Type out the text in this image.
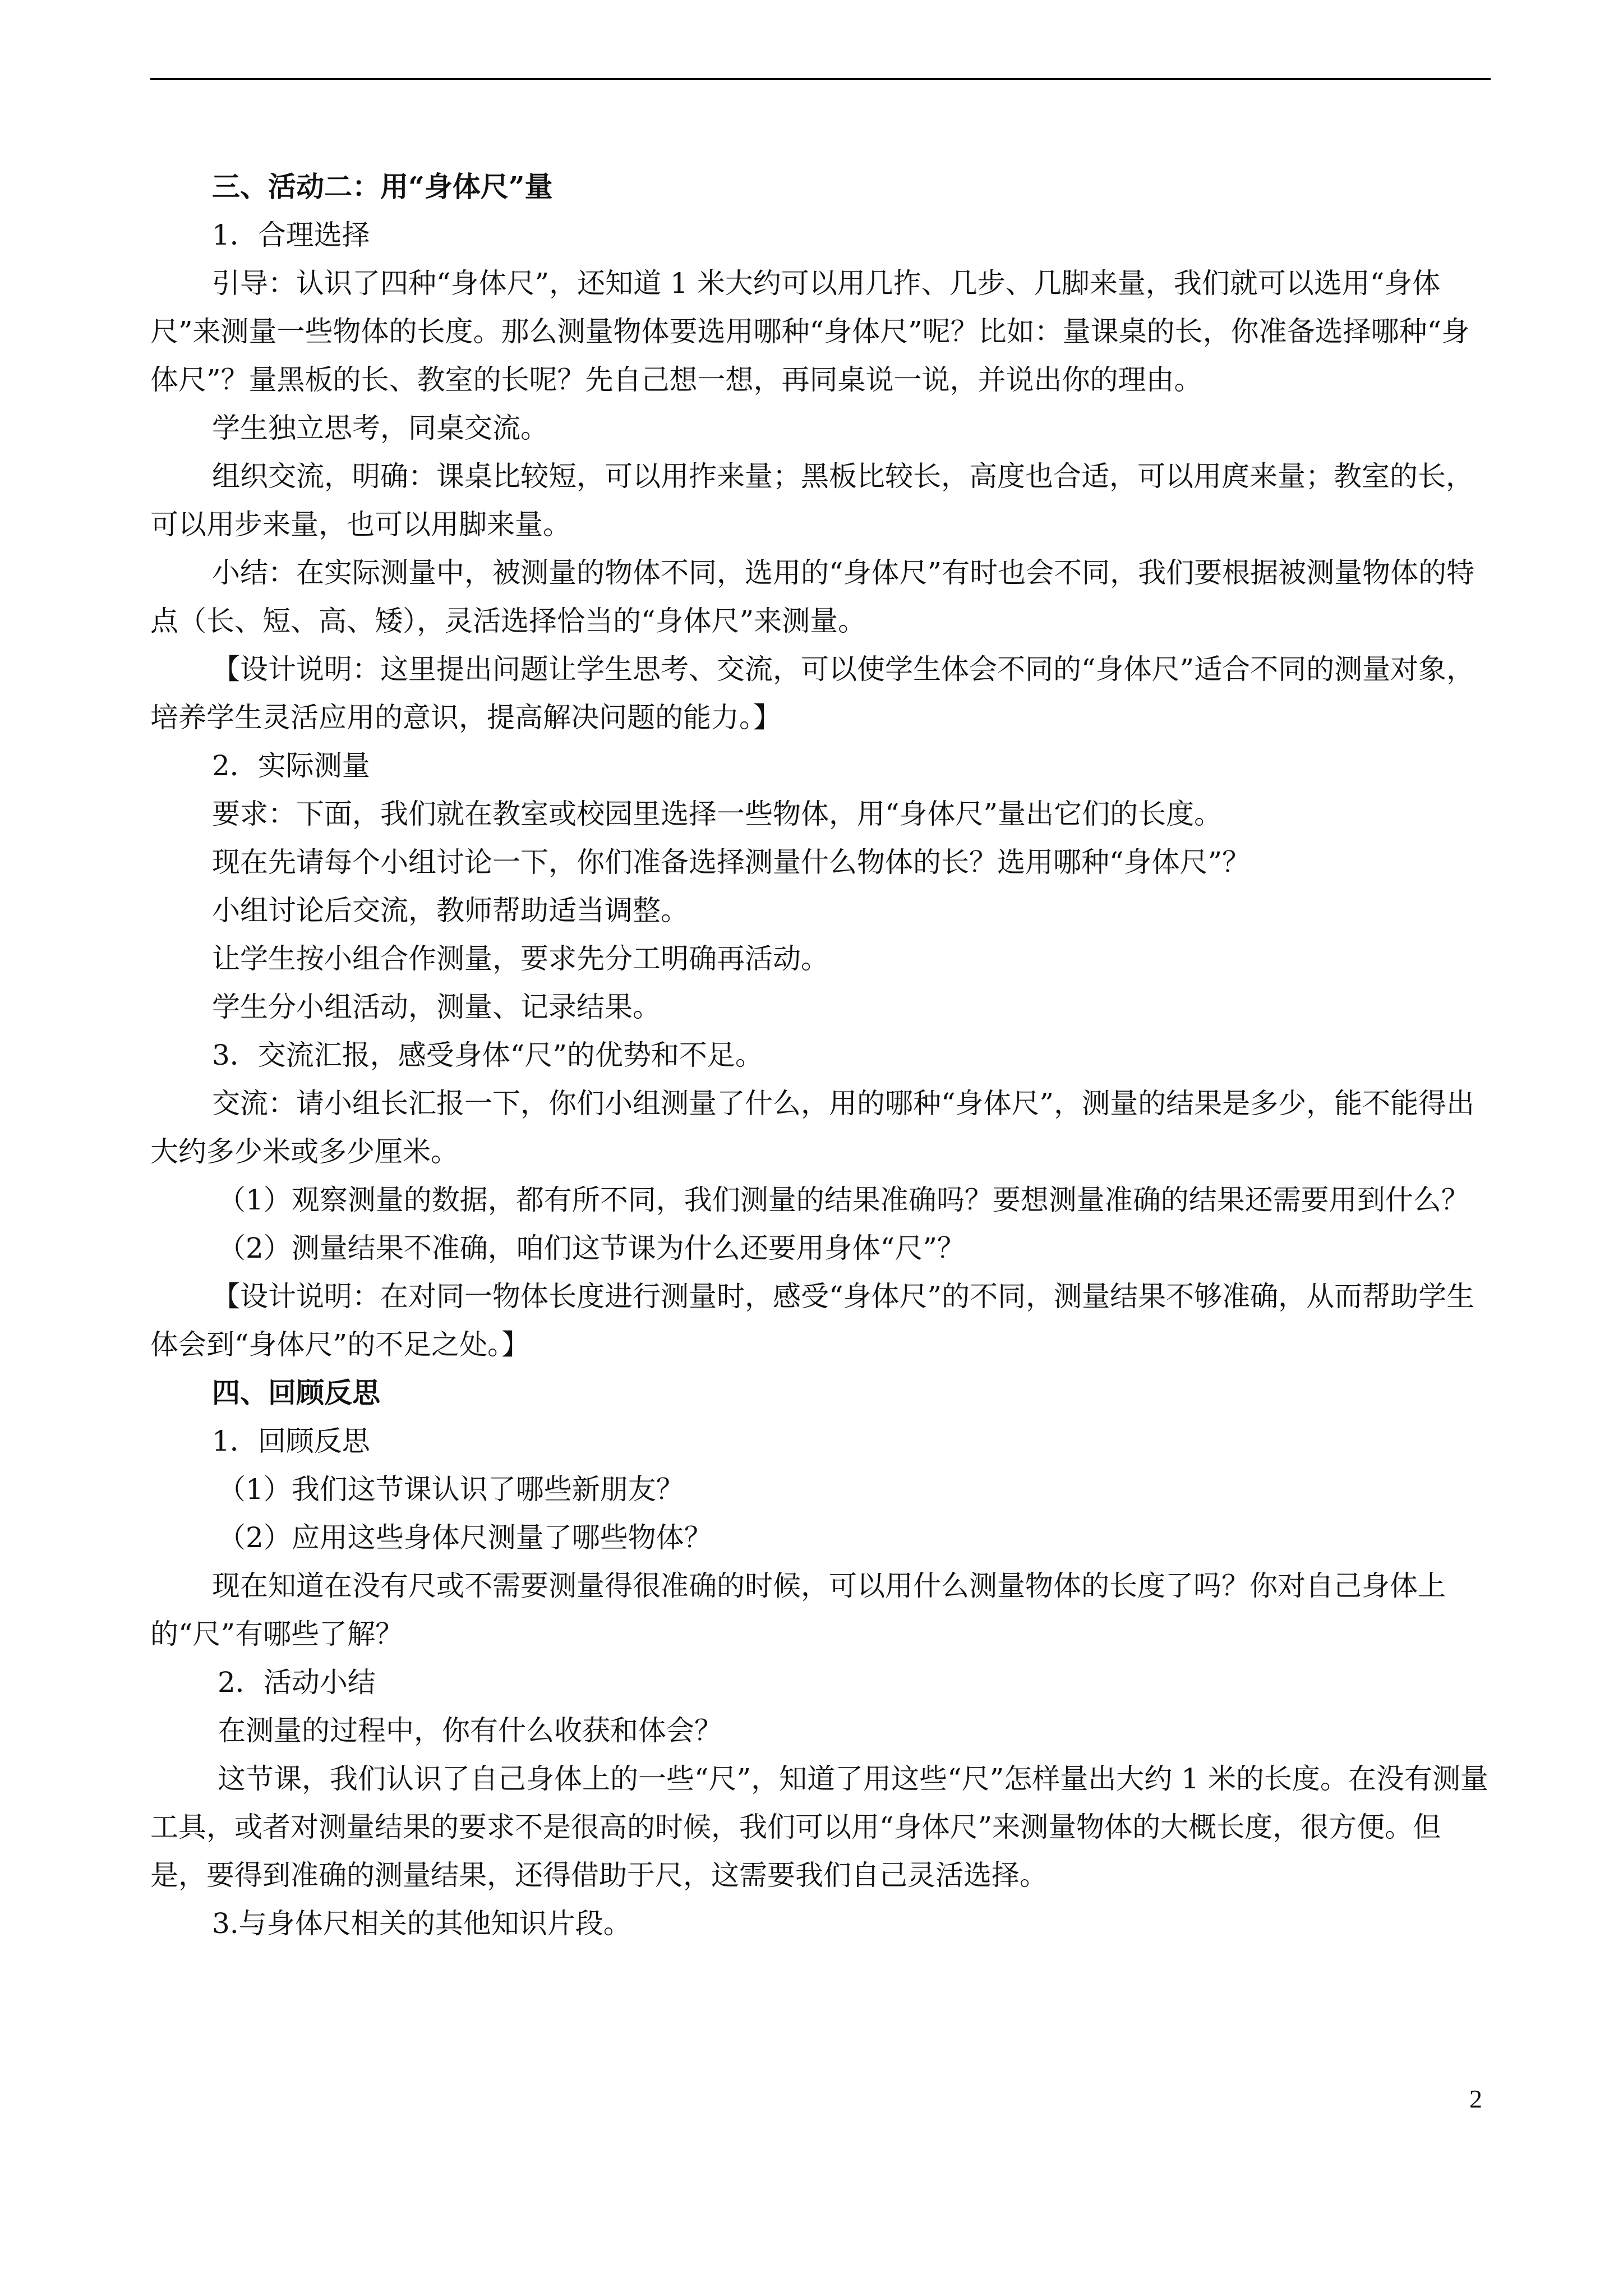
三、活动二：用“身体尺”量

1．合理选择

引导：认识了四种“身体尺”，还知道 1 米大约可以用几拃、几步、几脚来量，我们就可以选用“身体尺”来测量一些物体的长度。那么测量物体要选用哪种“身体尺”呢？比如：量课桌的长，你准备选择哪种“身体尺”？量黑板的长、教室的长呢？先自己想一想，再同桌说一说，并说出你的理由。

学生独立思考，同桌交流。

组织交流，明确：课桌比较短，可以用拃来量；黑板比较长，高度也合适，可以用庹来量；教室的长，可以用步来量，也可以用脚来量。

小结：在实际测量中，被测量的物体不同，选用的“身体尺”有时也会不同，我们要根据被测量物体的特点（长、短、高、矮），灵活选择恰当的“身体尺”来测量。

【设计说明：这里提出问题让学生思考、交流，可以使学生体会不同的“身体尺”适合不同的测量对象，培养学生灵活应用的意识，提高解决问题的能力。】

2．实际测量

要求：下面，我们就在教室或校园里选择一些物体，用“身体尺”量出它们的长度。

现在先请每个小组讨论一下，你们准备选择测量什么物体的长？选用哪种“身体尺”？

小组讨论后交流，教师帮助适当调整。

让学生按小组合作测量，要求先分工明确再活动。

学生分小组活动，测量、记录结果。

3．交流汇报，感受身体“尺”的优势和不足。

交流：请小组长汇报一下，你们小组测量了什么，用的哪种“身体尺”，测量的结果是多少，能不能得出大约多少米或多少厘米。

（1）观察测量的数据，都有所不同，我们测量的结果准确吗？要想测量准确的结果还需要用到什么？

（2）测量结果不准确，咱们这节课为什么还要用身体“尺”？

【设计说明：在对同一物体长度进行测量时，感受“身体尺”的不同，测量结果不够准确，从而帮助学生体会到“身体尺”的不足之处。】

四、回顾反思

1．回顾反思

（1）我们这节课认识了哪些新朋友？

（2）应用这些身体尺测量了哪些物体？

现在知道在没有尺或不需要测量得很准确的时候，可以用什么测量物体的长度了吗？你对自己身体上的“尺”有哪些了解？

2．活动小结

在测量的过程中，你有什么收获和体会？

这节课，我们认识了自己身体上的一些“尺”，知道了用这些“尺”怎样量出大约 1 米的长度。在没有测量工具，或者对测量结果的要求不是很高的时候，我们可以用“身体尺”来测量物体的大概长度，很方便。但是，要得到准确的测量结果，还得借助于尺，这需要我们自己灵活选择。

3.与身体尺相关的其他知识片段。

2
